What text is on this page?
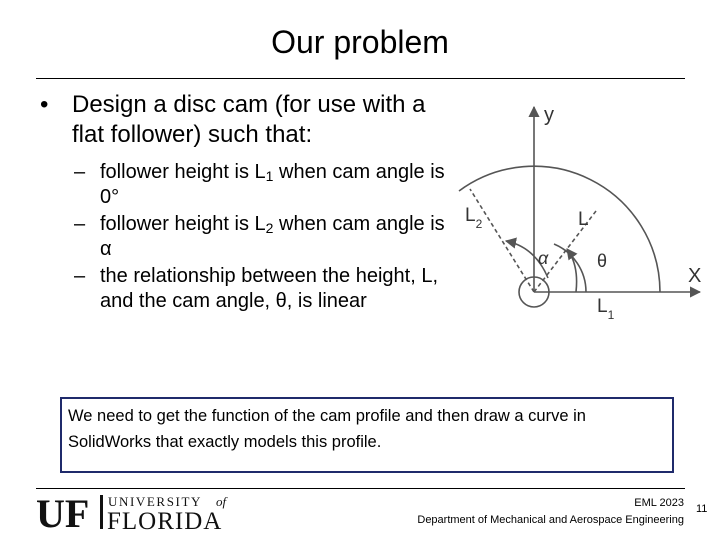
Our problem
• Design a disc cam (for use with a flat follower) such that:
– follower height is $L_1$ when cam angle is 0°
– follower height is $L_2$ when cam angle is α
– the relationship between the height, L, and the cam angle, θ, is linear
y
X
L
$L_2$
$L_1$
α	θ
We need to get the function of the cam profile and then draw a curve in SolidWorks that exactly models this profile.
UF UNIVERSITY of
FLORIDA
EML 2023
Department of Mechanical and Aerospace Engineering
11
